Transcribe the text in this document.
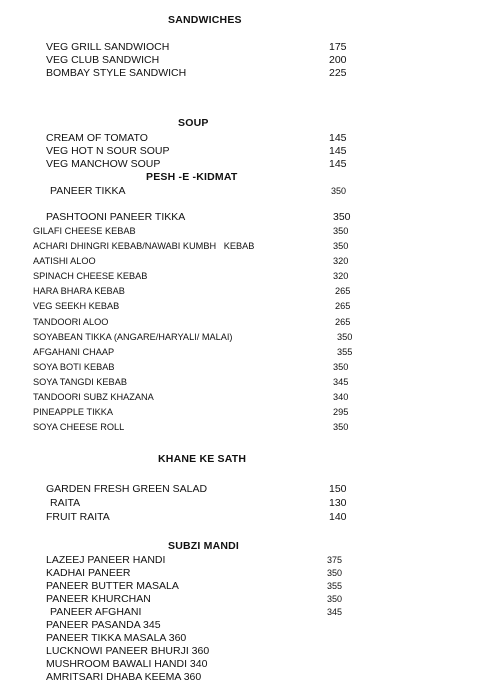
SANDWICHES
VEG GRILL SANDWIOCH	175
VEG CLUB SANDWICH	200
BOMBAY STYLE SANDWICH	225
SOUP
CREAM OF TOMATO	145
VEG HOT N SOUR SOUP	145
VEG MANCHOW SOUP	145
PESH -E -KIDMAT
PANEER TIKKA	350
PASHTOONI PANEER TIKKA	350
GILAFI CHEESE KEBAB	350
ACHARI DHINGRI KEBAB/NAWABI KUMBH   KEBAB	350
AATISHI ALOO	320
SPINACH CHEESE KEBAB	320
HARA BHARA KEBAB	265
VEG SEEKH KEBAB	265
TANDOORI ALOO	265
SOYABEAN TIKKA (ANGARE/HARYALI/ MALAI)	350
AFGAHANI CHAAP	355
SOYA BOTI KEBAB	350
SOYA TANGDI KEBAB	345
TANDOORI SUBZ KHAZANA	340
PINEAPPLE TIKKA	295
SOYA CHEESE ROLL	350
KHANE KE SATH
GARDEN FRESH GREEN SALAD	150
RAITA	130
FRUIT RAITA	140
SUBZI MANDI
LAZEEJ PANEER HANDI	375
KADHAI PANEER	350
PANEER BUTTER MASALA	355
PANEER KHURCHAN	350
PANEER AFGHANI	345
PANEER PASANDA 345
PANEER TIKKA MASALA 360
LUCKNOWI PANEER BHURJI 360
MUSHROOM BAWALI HANDI 340
AMRITSARI DHABA KEEMA 360
